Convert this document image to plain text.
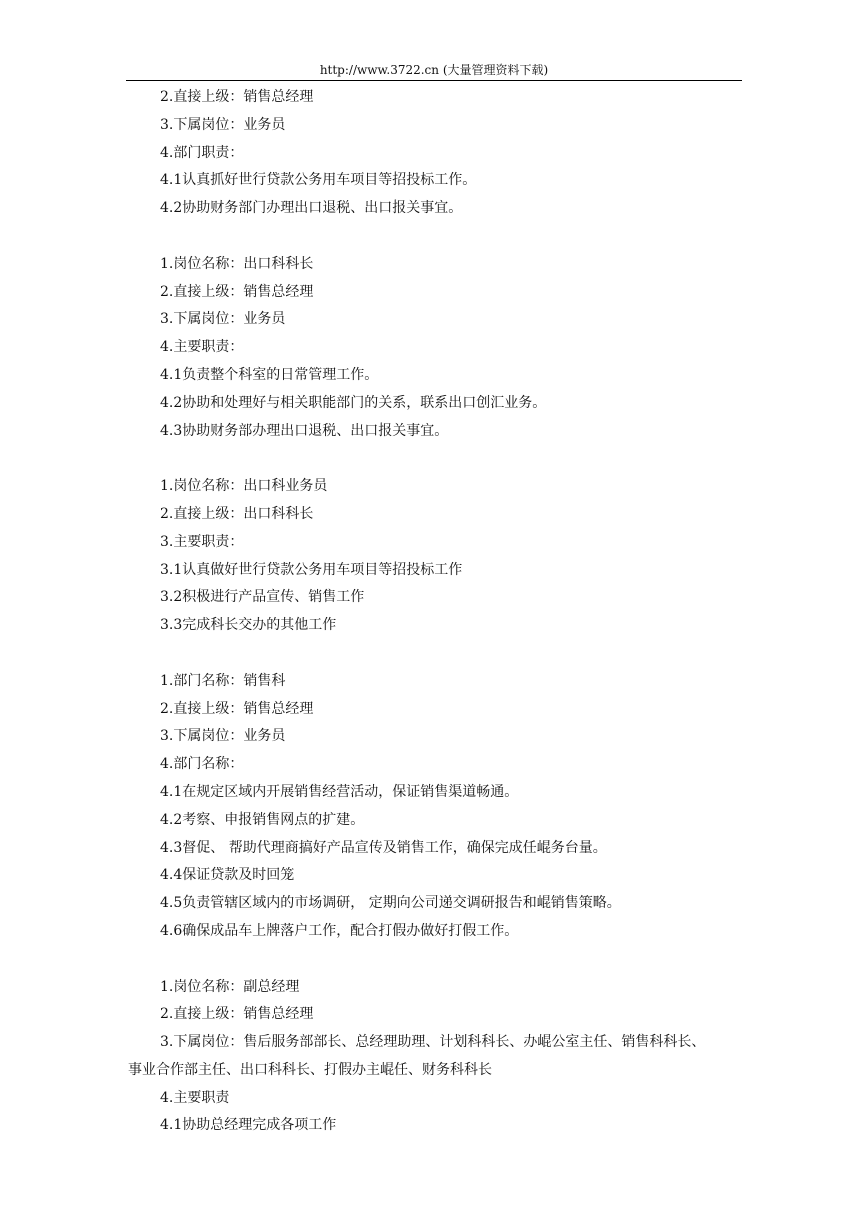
http://www.3722.cn (大量管理资料下载)
2.直接上级：销售总经理
3.下属岗位：业务员
4.部门职责：
4.1认真抓好世行贷款公务用车项目等招投标工作。
4.2协助财务部门办理出口退税、出口报关事宜。
1.岗位名称：出口科科长
2.直接上级：销售总经理
3.下属岗位：业务员
4.主要职责：
4.1负责整个科室的日常管理工作。
4.2协助和处理好与相关职能部门的关系，联系出口创汇业务。
4.3协助财务部办理出口退税、出口报关事宜。
1.岗位名称：出口科业务员
2.直接上级：出口科科长
3.主要职责：
3.1认真做好世行贷款公务用车项目等招投标工作
3.2积极进行产品宣传、销售工作
3.3完成科长交办的其他工作
1.部门名称：销售科
2.直接上级：销售总经理
3.下属岗位：业务员
4.部门名称：
4.1在规定区域内开展销售经营活动，保证销售渠道畅通。
4.2考察、申报销售网点的扩建。
4.3督促、 帮助代理商搞好产品宣传及销售工作，确保完成任崐务台量。
4.4保证贷款及时回笼
4.5负责管辖区域内的市场调研， 定期向公司递交调研报告和崐销售策略。
4.6确保成品车上牌落户工作，配合打假办做好打假工作。
1.岗位名称：副总经理
2.直接上级：销售总经理
3.下属岗位：售后服务部部长、总经理助理、计划科科长、办崐公室主任、销售科科长、
事业合作部主任、出口科科长、打假办主崐任、财务科科长
4.主要职责
4.1协助总经理完成各项工作
